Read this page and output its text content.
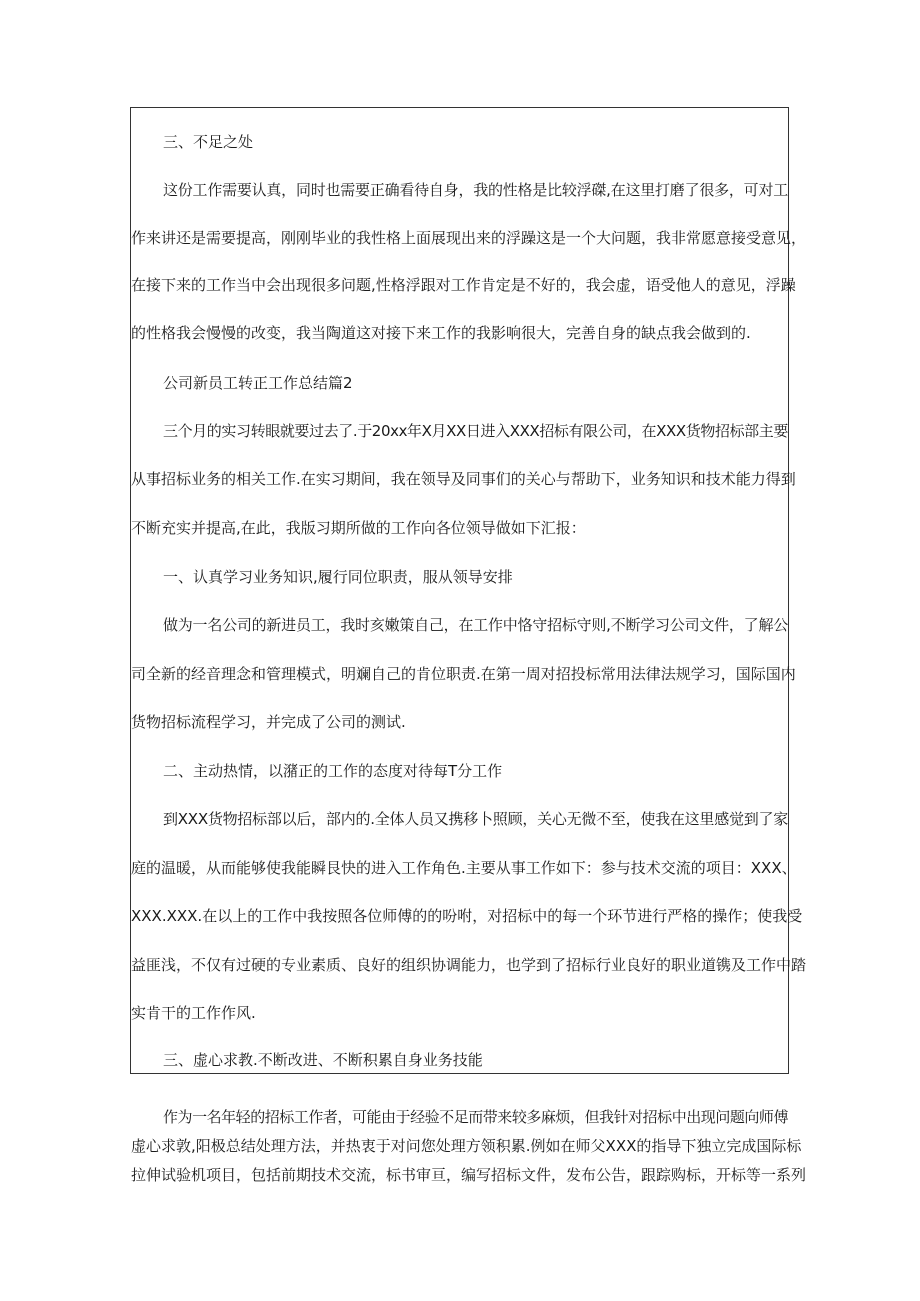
三、不足之处
这份工作需要认真，同时也需要正确看待自身，我的性格是比较浮磔,在这里打磨了很多，可对工
作来讲还是需要提高，刚刚毕业的我性格上面展现出来的浮躁这是一个大问题，我非常愿意接受意见，
在接下来的工作当中会出现很多问题,性格浮跟对工作肯定是不好的，我会虚，语受他人的意见，浮躁
的性格我会慢慢的改变，我当陶道这对接下来工作的我影响很大，完善自身的缺点我会做到的.
公司新员工转正工作总结篇2
三个月的实习转眼就要过去了.于20xx年X月XX日进入XXX招标有限公司，在XXX货物招标部主要
从事招标业务的相关工作.在实习期间，我在领导及同事们的关心与帮助下，业务知识和技术能力得到
不断充实并提高,在此，我版习期所做的工作向各位领导做如下汇报：
一、认真学习业务知识,履行同位职责，服从领导安排
做为一名公司的新进员工，我时亥嫩策自己，在工作中恪守招标守则,不断学习公司文件，了解公
司全新的经音理念和管理模式，明斓自己的肯位职责.在第一周对招投标常用法律法规学习，国际国内
货物招标流程学习，并完成了公司的测试.
二、主动热情，以潴正的工作的态度对待每T分工作
到XXX货物招标部以后，部内的.全体人员又携移卜照顾，关心无微不至，使我在这里感觉到了家
庭的温暖，从而能够使我能瞬艮快的进入工作角色.主要从事工作如下：参与技术交流的项目：XXX、
XXX.XXX.在以上的工作中我按照各位师傅的的吩咐，对招标中的每一个环节进行严格的操作；使我受
益匪浅，不仅有过硬的专业素质、良好的组织协调能力，也学到了招标行业良好的职业道镌及工作中踏
实肯干的工作作风.
三、虚心求教.不断改进、不断积累自身业务技能
作为一名年轻的招标工作者，可能由于经验不足而带来较多麻烦，但我针对招标中出现问题向师傅
虚心求敦,阳极总结处理方法，并热衷于对问您处理方领积累.例如在师父XXX的指导下独立完成国际标
拉伸试验机项目，包括前期技术交流，标书审亘，编写招标文件，发布公告，跟踪购标，开标等一系列
